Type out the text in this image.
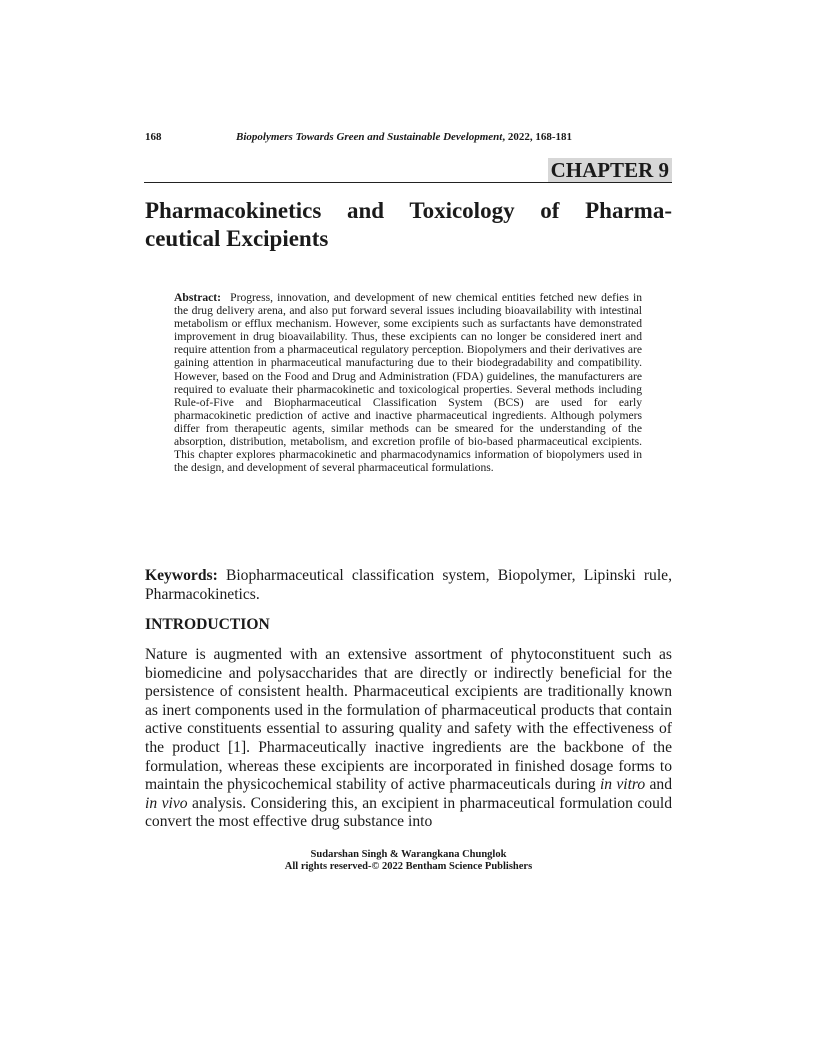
168	Biopolymers Towards Green and Sustainable Development, 2022, 168-181
CHAPTER 9
Pharmacokinetics and Toxicology of Pharma-
ceutical Excipients

Abstract: Progress, innovation, and development of new chemical entities fetched new defies in the drug delivery arena, and also put forward several issues including bioavailability with intestinal metabolism or efflux mechanism. However, some excipients such as surfactants have demonstrated improvement in drug bioavailability. Thus, these excipients can no longer be considered inert and require attention from a pharmaceutical regulatory perception. Biopolymers and their derivatives are gaining attention in pharmaceutical manufacturing due to their biodegradability and compatibility. However, based on the Food and Drug and Administration (FDA) guidelines, the manufacturers are required to evaluate their pharmacokinetic and toxicological properties. Several methods including Rule-of-Five and Biopharmaceutical Classification System (BCS) are used for early pharmacokinetic prediction of active and inactive pharmaceutical ingredients. Although polymers differ from therapeutic agents, similar methods can be smeared for the understanding of the absorption, distribution, metabolism, and excretion profile of bio-based pharmaceutical excipients. This chapter explores pharmacokinetic and pharmacodynamics information of biopolymers used in the design, and development of several pharmaceutical formulations.

Keywords: Biopharmaceutical classification system, Biopolymer, Lipinski rule, Pharmacokinetics.

INTRODUCTION

Nature is augmented with an extensive assortment of phytoconstituent such as biomedicine and polysaccharides that are directly or indirectly beneficial for the persistence of consistent health. Pharmaceutical excipients are traditionally known as inert components used in the formulation of pharmaceutical products that contain active constituents essential to assuring quality and safety with the effectiveness of the product [1]. Pharmaceutically inactive ingredients are the backbone of the formulation, whereas these excipients are incorporated in finished dosage forms to maintain the physicochemical stability of active pharmaceuticals during in vitro and in vivo analysis. Considering this, an excipient in pharmaceutical formulation could convert the most effective drug substance into

Sudarshan Singh & Warangkana Chunglok
All rights reserved-© 2022 Bentham Science Publishers
